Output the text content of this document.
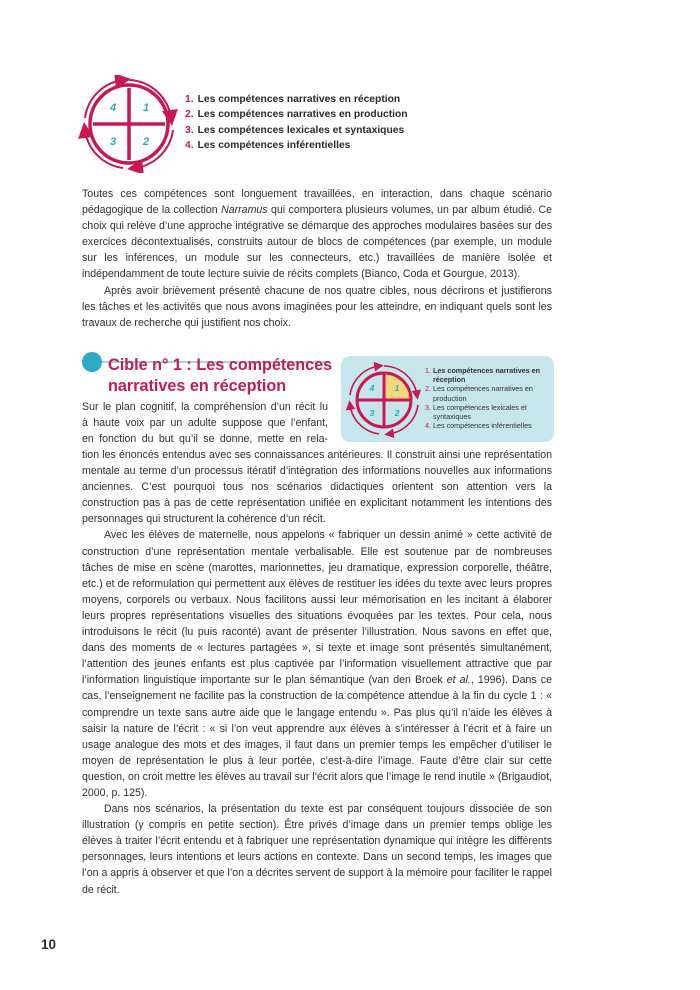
4 1
3 2
1. Les compétences narratives en réception
2. Les compétences narratives en production
3. Les compétences lexicales et syntaxiques
4. Les compétences inférentielles

Toutes ces compétences sont longuement travaillées, en interaction, dans chaque scénario pédagogique de la collection Narramus qui comportera plusieurs volumes, un par album étudié. Ce choix qui relève d’une approche intégrative se démarque des approches modulaires basées sur des exercices décontextualisés, construits autour de blocs de compétences (par exemple, un module sur les inférences, un module sur les connecteurs, etc.) travaillées de manière isolée et indépendamment de toute lecture suivie de récits complets (Bianco, Coda et Gourgue, 2013).

Après avoir brièvement présenté chacune de nos quatre cibles, nous décrirons et justifierons les tâches et les activités que nous avons imaginées pour les atteindre, en indiquant quels sont les travaux de recherche qui justifient nos choix.

Cible n° 1 : Les compétences
narratives en réception	4 1
3 2
1. Les compétences narratives en réception
2. Les compétences narratives en production
3. Les compétences lexicales et syntaxiques
4. Les compétences inférentielles
Sur le plan cognitif, la compréhension d’un récit lu
à haute voix par un adulte suppose que l’enfant,
en fonction du but qu’il se donne, mette en rela-

tion les énoncés entendus avec ses connaissances antérieures. Il construit ainsi une représentation mentale au terme d’un processus itératif d’intégration des informations nouvelles aux informations anciennes. C’est pourquoi tous nos scénarios didactiques orientent son attention vers la construction pas à pas de cette représentation unifiée en explicitant notamment les intentions des personnages qui structurent la cohérence d’un récit.

Avec les élèves de maternelle, nous appelons « fabriquer un dessin animé » cette activité de construction d’une représentation mentale verbalisable. Elle est soutenue par de nombreuses tâches de mise en scène (marottes, marionnettes, jeu dramatique, expression corporelle, théâtre, etc.) et de reformulation qui permettent aux élèves de restituer les idées du texte avec leurs propres moyens, corporels ou verbaux. Nous facilitons aussi leur mémorisation en les incitant à élaborer leurs propres représentations visuelles des situations évoquées par les textes. Pour cela, nous introduisons le récit (lu puis raconté) avant de présenter l’illustration. Nous savons en effet que, dans des moments de « lectures partagées », si texte et image sont présentés simultanément, l’attention des jeunes enfants est plus captivée par l’information visuellement attractive que par l’information linguistique importante sur le plan sémantique (van den Broek et al., 1996). Dans ce cas, l’enseignement ne facilite pas la construction de la compétence attendue à la fin du cycle 1 : « comprendre un texte sans autre aide que le langage entendu ». Pas plus qu’il n’aide les élèves à saisir la nature de l’écrit : « si l’on veut apprendre aux élèves à s’intéresser à l’écrit et à faire un usage analogue des mots et des images, il faut dans un premier temps les empêcher d’utiliser le moyen de représentation le plus à leur portée, c’est-à-dire l’image. Faute d’être clair sur cette question, on croit mettre les élèves au travail sur l’écrit alors que l’image le rend inutile » (Brigaudiot, 2000, p. 125).

Dans nos scénarios, la présentation du texte est par conséquent toujours dissociée de son illustration (y compris en petite section). Être privés d’image dans un premier temps oblige les élèves à traiter l’écrit entendu et à fabriquer une représentation dynamique qui intègre les différents personnages, leurs intentions et leurs actions en contexte. Dans un second temps, les images que l’on a appris à observer et que l’on a décrites servent de support à la mémoire pour faciliter le rappel de récit.

10
